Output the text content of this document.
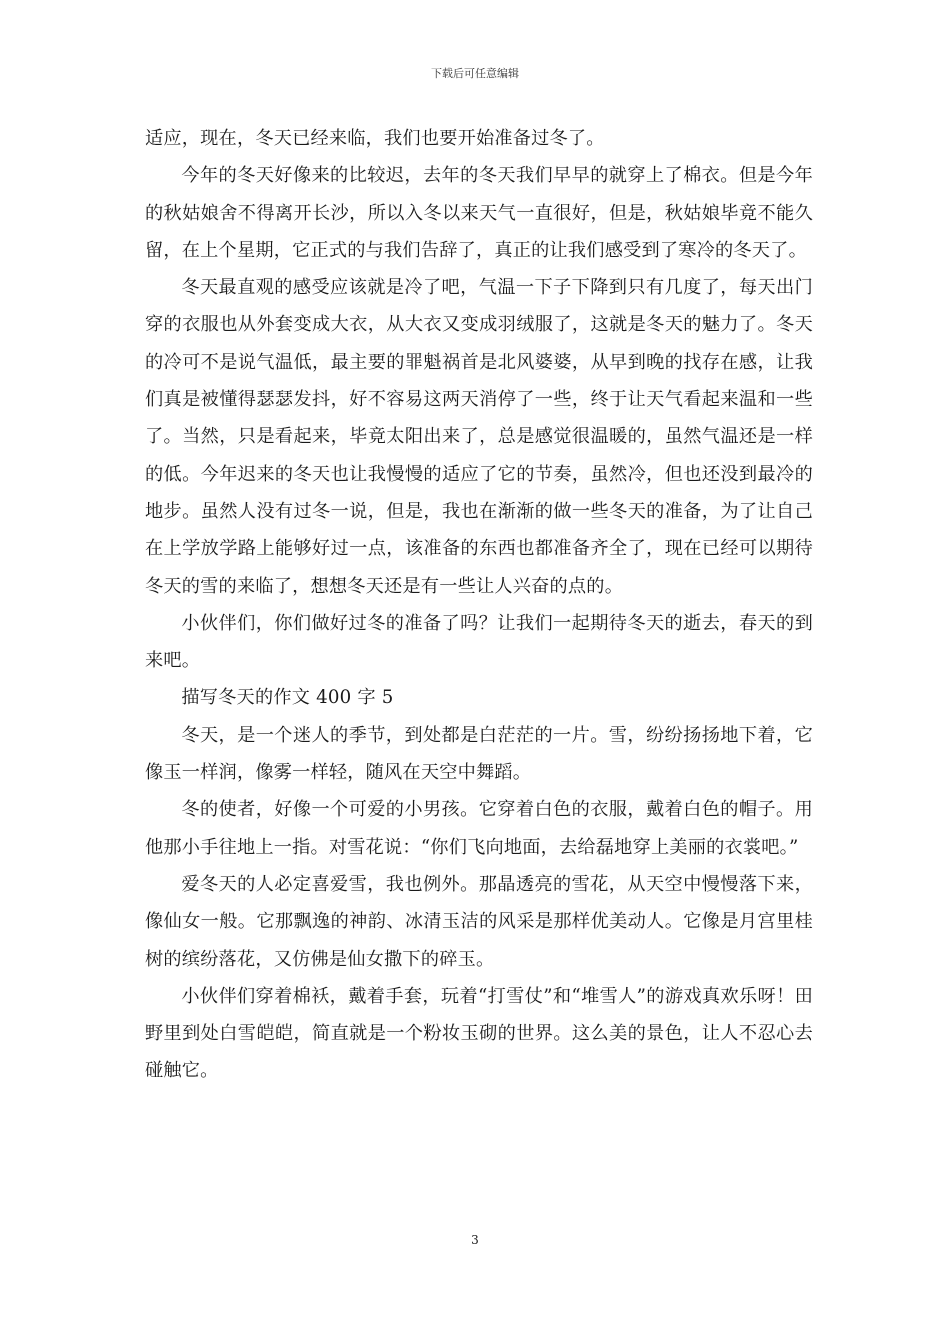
下载后可任意编辑

适应，现在，冬天已经来临，我们也要开始准备过冬了。

今年的冬天好像来的比较迟，去年的冬天我们早早的就穿上了棉衣。但是今年的秋姑娘舍不得离开长沙，所以入冬以来天气一直很好，但是，秋姑娘毕竟不能久留，在上个星期，它正式的与我们告辞了，真正的让我们感受到了寒冷的冬天了。

冬天最直观的感受应该就是冷了吧，气温一下子下降到只有几度了，每天出门穿的衣服也从外套变成大衣，从大衣又变成羽绒服了，这就是冬天的魅力了。冬天的冷可不是说气温低，最主要的罪魁祸首是北风婆婆，从早到晚的找存在感，让我们真是被懂得瑟瑟发抖，好不容易这两天消停了一些，终于让天气看起来温和一些了。当然，只是看起来，毕竟太阳出来了，总是感觉很温暖的，虽然气温还是一样的低。今年迟来的冬天也让我慢慢的适应了它的节奏，虽然冷，但也还没到最冷的地步。虽然人没有过冬一说，但是，我也在渐渐的做一些冬天的准备，为了让自己在上学放学路上能够好过一点，该准备的东西也都准备齐全了，现在已经可以期待冬天的雪的来临了，想想冬天还是有一些让人兴奋的点的。

小伙伴们，你们做好过冬的准备了吗？让我们一起期待冬天的逝去，春天的到来吧。

描写冬天的作文 400 字 5

冬天，是一个迷人的季节，到处都是白茫茫的一片。雪，纷纷扬扬地下着，它像玉一样润，像雾一样轻，随风在天空中舞蹈。

冬的使者，好像一个可爱的小男孩。它穿着白色的衣服，戴着白色的帽子。用他那小手往地上一指。对雪花说：“你们飞向地面，去给磊地穿上美丽的衣裳吧。”

爱冬天的人必定喜爱雪，我也例外。那晶透亮的雪花，从天空中慢慢落下来，像仙女一般。它那飘逸的神韵、冰清玉洁的风采是那样优美动人。它像是月宫里桂树的缤纷落花，又仿佛是仙女撒下的碎玉。

小伙伴们穿着棉袄，戴着手套，玩着“打雪仗”和“堆雪人”的游戏真欢乐呀！田野里到处白雪皑皑，简直就是一个粉妆玉砌的世界。这么美的景色，让人不忍心去碰触它。

3
